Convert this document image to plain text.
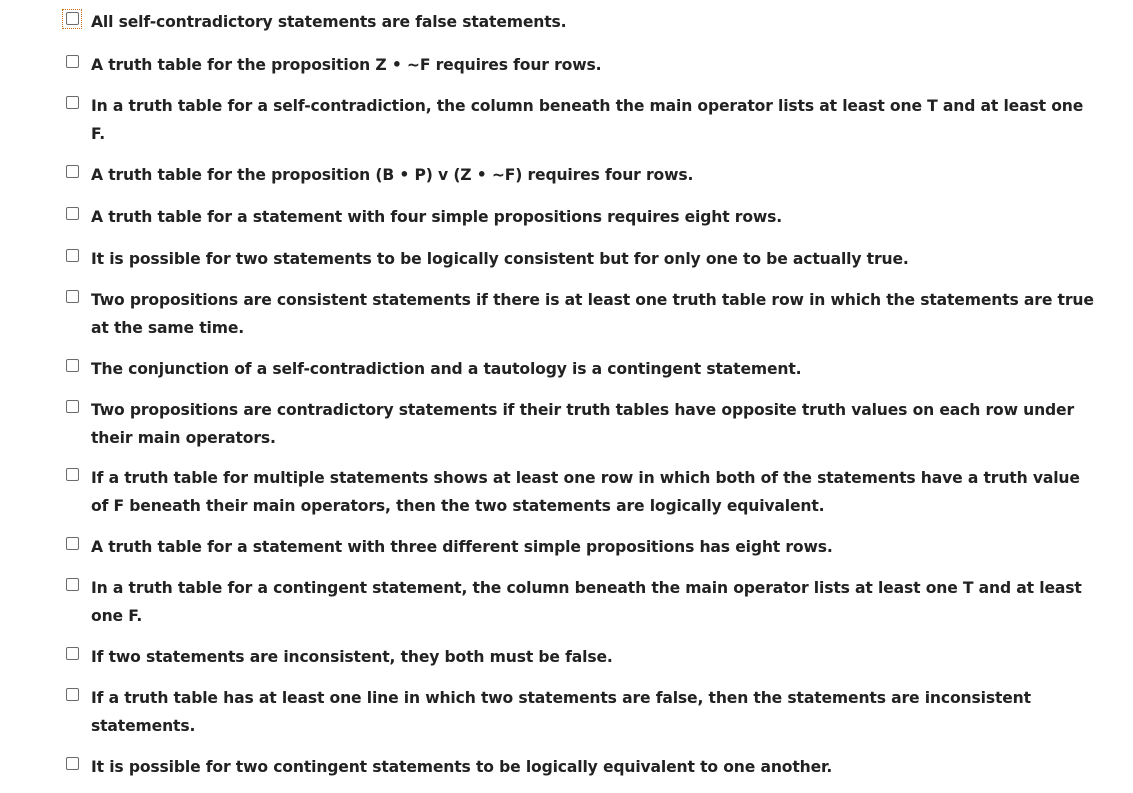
All self-contradictory statements are false statements.
A truth table for the proposition Z • ~F requires four rows.
In a truth table for a self-contradiction, the column beneath the main operator lists at least one T and at least one F.
A truth table for the proposition (B • P) v (Z • ~F) requires four rows.
A truth table for a statement with four simple propositions requires eight rows.
It is possible for two statements to be logically consistent but for only one to be actually true.
Two propositions are consistent statements if there is at least one truth table row in which the statements are true at the same time.
The conjunction of a self-contradiction and a tautology is a contingent statement.
Two propositions are contradictory statements if their truth tables have opposite truth values on each row under their main operators.
If a truth table for multiple statements shows at least one row in which both of the statements have a truth value of F beneath their main operators, then the two statements are logically equivalent.
A truth table for a statement with three different simple propositions has eight rows.
In a truth table for a contingent statement, the column beneath the main operator lists at least one T and at least one F.
If two statements are inconsistent, they both must be false.
If a truth table has at least one line in which two statements are false, then the statements are inconsistent statements.
It is possible for two contingent statements to be logically equivalent to one another.
